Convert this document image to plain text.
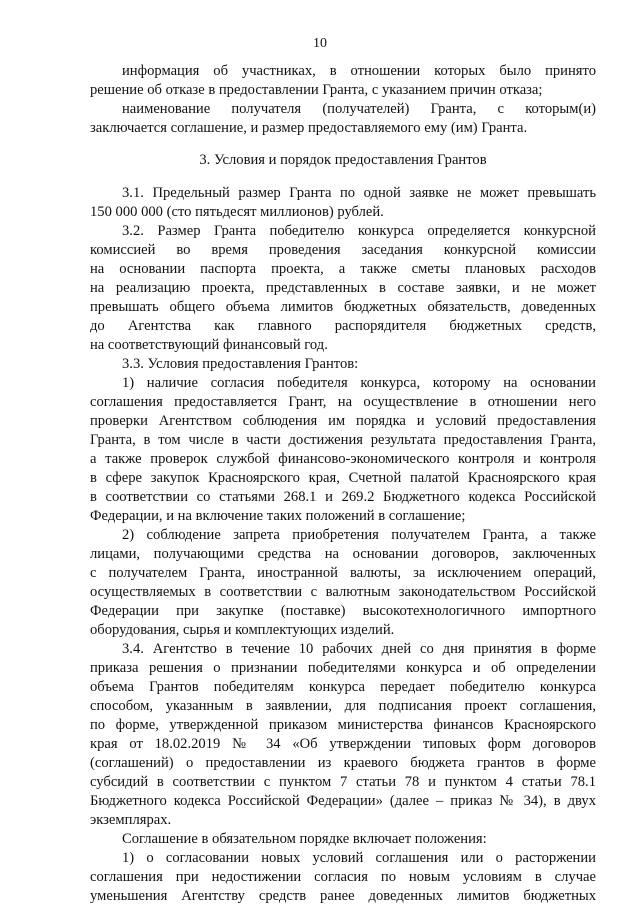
10
информация об участниках, в отношении которых было принято
решение об отказе в предоставлении Гранта, с указанием причин отказа;
наименование получателя (получателей) Гранта, с которым(и)
заключается соглашение, и размер предоставляемого ему (им) Гранта.
3. Условия и порядок предоставления Грантов
3.1. Предельный размер Гранта по одной заявке не может превышать
150 000 000 (сто пятьдесят миллионов) рублей.
3.2. Размер Гранта победителю конкурса определяется конкурсной
комиссией во время проведения заседания конкурсной комиссии
на основании паспорта проекта, а также сметы плановых расходов
на реализацию проекта, представленных в составе заявки, и не может
превышать общего объема лимитов бюджетных обязательств, доведенных
до Агентства как главного распорядителя бюджетных средств,
на соответствующий финансовый год.
3.3. Условия предоставления Грантов:
1) наличие согласия победителя конкурса, которому на основании
соглашения предоставляется Грант, на осуществление в отношении него
проверки Агентством соблюдения им порядка и условий предоставления
Гранта, в том числе в части достижения результата предоставления Гранта,
а также проверок службой финансово-экономического контроля и контроля
в сфере закупок Красноярского края, Счетной палатой Красноярского края
в соответствии со статьями 268.1 и 269.2 Бюджетного кодекса Российской
Федерации, и на включение таких положений в соглашение;
2) соблюдение запрета приобретения получателем Гранта, а также
лицами, получающими средства на основании договоров, заключенных
с получателем Гранта, иностранной валюты, за исключением операций,
осуществляемых в соответствии с валютным законодательством Российской
Федерации при закупке (поставке) высокотехнологичного импортного
оборудования, сырья и комплектующих изделий.
3.4. Агентство в течение 10 рабочих дней со дня принятия в форме
приказа решения о признании победителями конкурса и об определении
объема Грантов победителям конкурса передает победителю конкурса
способом, указанным в заявлении, для подписания проект соглашения,
по форме, утвержденной приказом министерства финансов Красноярского
края от 18.02.2019 № 34 «Об утверждении типовых форм договоров
(соглашений) о предоставлении из краевого бюджета грантов в форме
субсидий в соответствии с пунктом 7 статьи 78 и пунктом 4 статьи 78.1
Бюджетного кодекса Российской Федерации» (далее – приказ № 34), в двух
экземплярах.
Соглашение в обязательном порядке включает положения:
1) о согласовании новых условий соглашения или о расторжении
соглашения при недостижении согласия по новым условиям в случае
уменьшения Агентству средств ранее доведенных лимитов бюджетных
